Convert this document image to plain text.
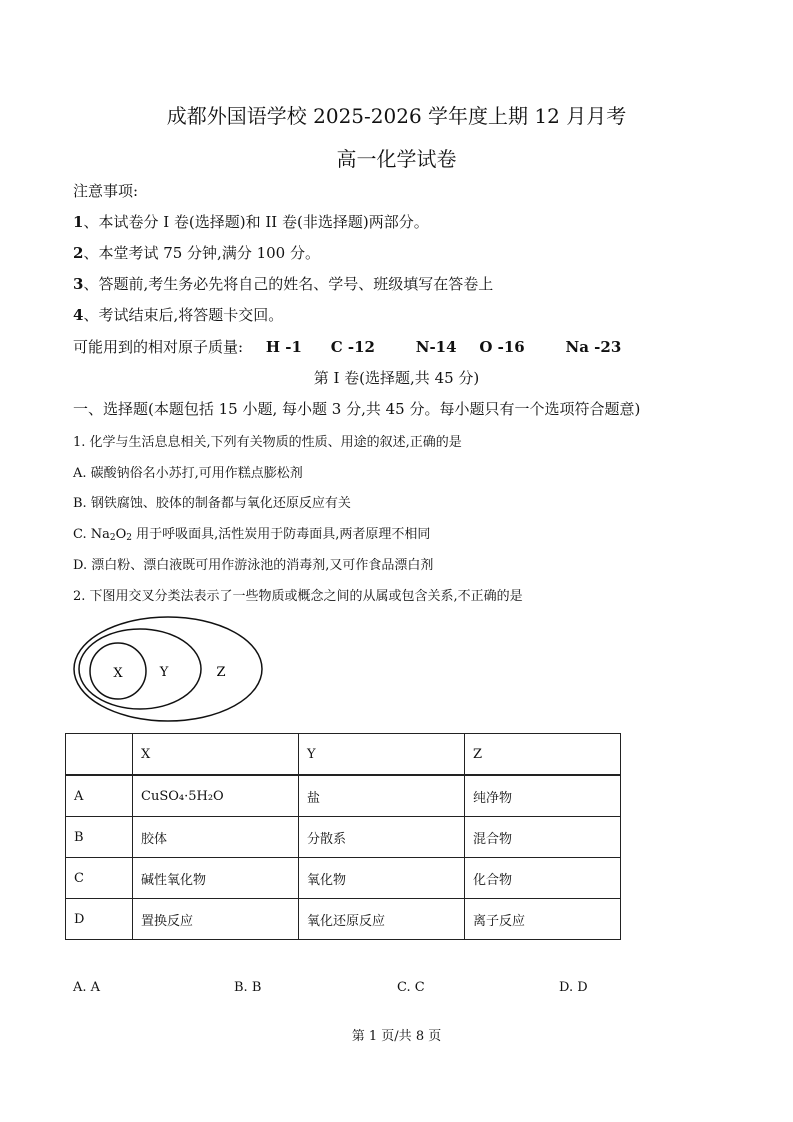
成都外国语学校 2025-2026 学年度上期 12 月月考
高一化学试卷
注意事项:
1、本试卷分 I 卷(选择题)和 II 卷(非选择题)两部分。
2、本堂考试 75 分钟,满分 100 分。
3、答题前,考生务必先将自己的姓名、学号、班级填写在答卷上
4、考试结束后,将答题卡交回。
可能用到的相对原子质量: H -1 C -12	N-14 O -16	Na -23
第 I 卷(选择题,共 45 分)
一、选择题(本题包括 15 小题, 每小题 3 分,共 45 分。每小题只有一个选项符合题意)
1. 化学与生活息息相关,下列有关物质的性质、用途的叙述,正确的是
A. 碳酸钠俗名小苏打,可用作糕点膨松剂
B. 钢铁腐蚀、胶体的制备都与氧化还原反应有关
C. $Na_2O_2$ 用于呼吸面具,活性炭用于防毒面具,两者原理不相同
D. 漂白粉、漂白液既可用作游泳池的消毒剂,又可作食品漂白剂
2. 下图用交叉分类法表示了一些物质或概念之间的从属或包含关系,不正确的是
X	Y	Z
	X	Y	Z
A	CuSO₄·5H₂O	盐	纯净物
B	胶体	分散系	混合物
C	碱性氧化物	氧化物	化合物
D	置换反应	氧化还原反应	离子反应
A. A	B. B	C. C	D. D
第 1 页/共 8 页
